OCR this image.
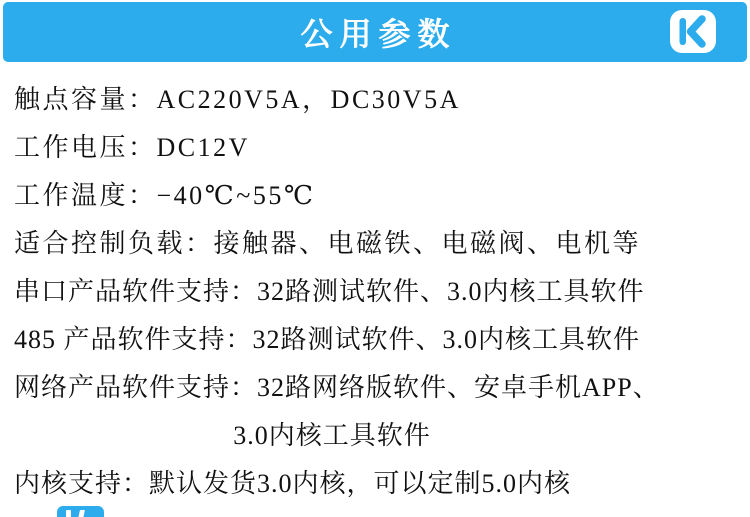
公用参数

触点容量：AC220V5A，DC30V5A

工作电压：DC12V

工作温度：−40℃~55℃

适合控制负载：接触器、电磁铁、电磁阀、电机等

串口产品软件支持：32路测试软件、3.0内核工具软件

485 产品软件支持：32路测试软件、3.0内核工具软件

网络产品软件支持：32路网络版软件、安卓手机APP、

3.0内核工具软件

内核支持：默认发货3.0内核，可以定制5.0内核
